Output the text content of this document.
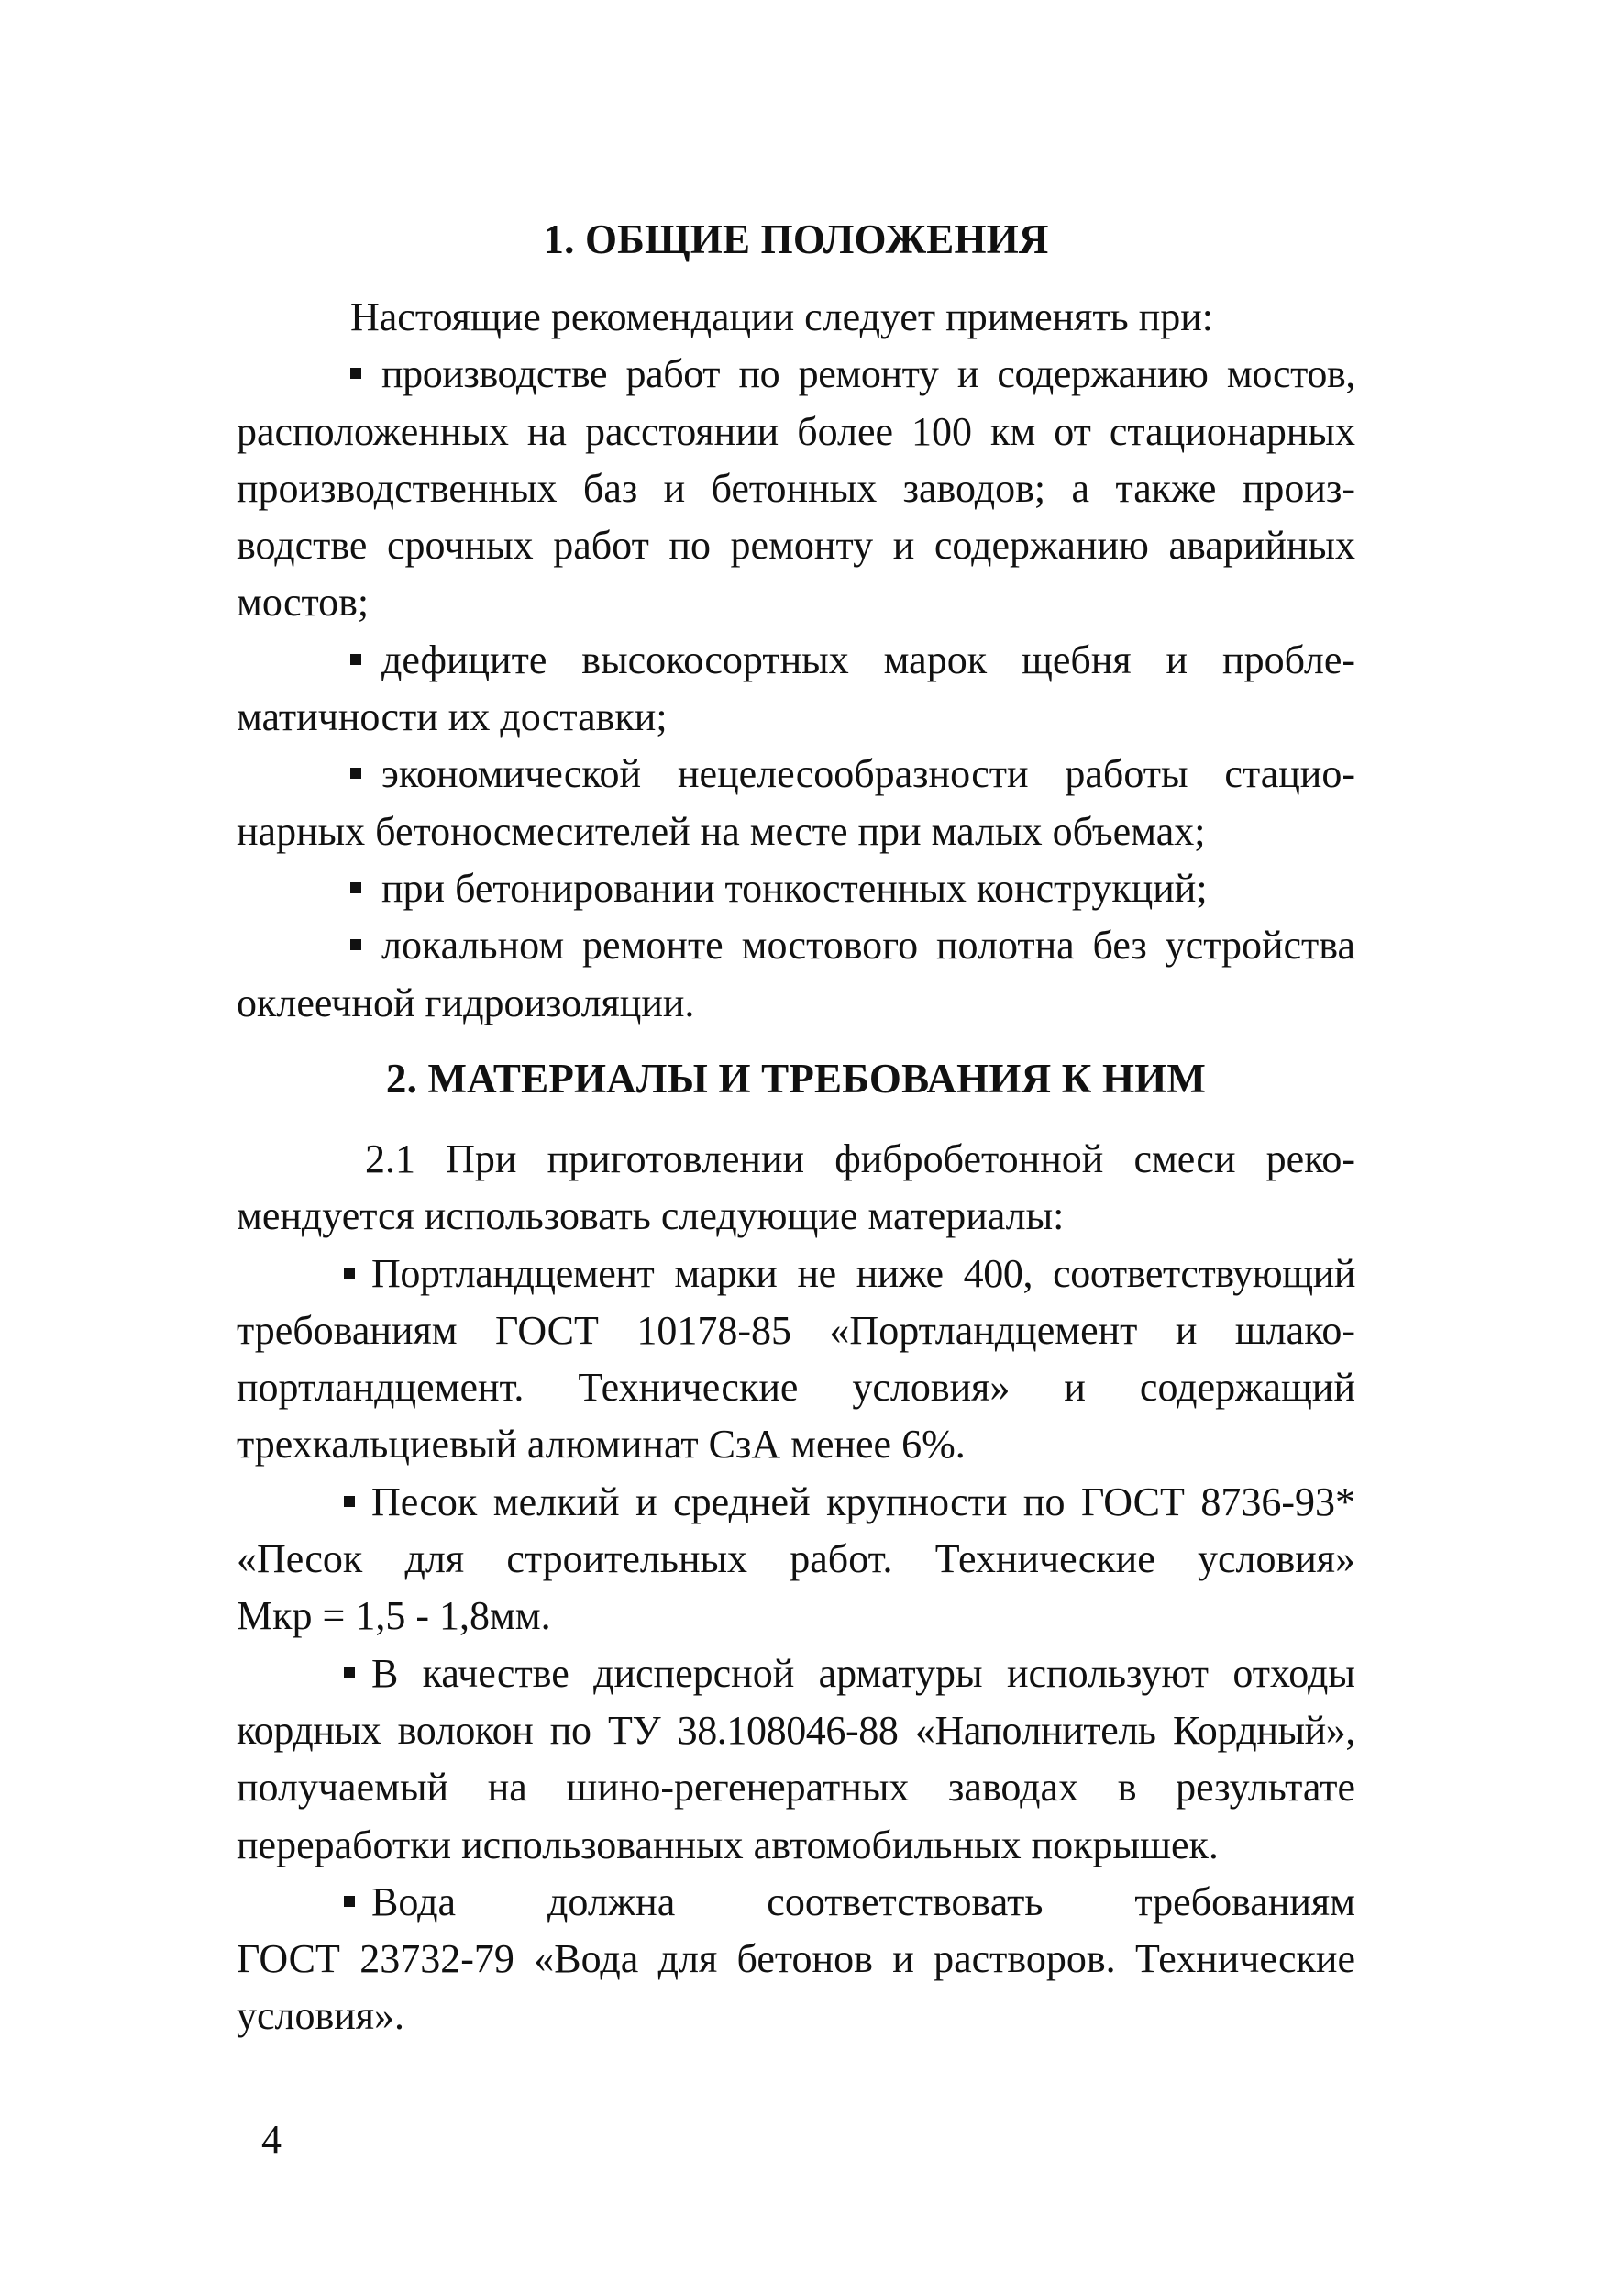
1. ОБЩИЕ ПОЛОЖЕНИЯ
Настоящие рекомендации следует применять при:
производстве работ по ремонту и содержанию мостов,
расположенных на расстоянии более 100 км от стационарных
производственных баз и бетонных заводов; а также произ-
водстве срочных работ по ремонту и содержанию аварийных
мостов;
дефиците высокосортных марок щебня и пробле-
матичности их доставки;
экономической нецелесообразности работы стацио-
нарных бетоносмесителей на месте при малых объемах;
при бетонировании тонкостенных конструкций;
локальном ремонте мостового полотна без устройства
оклеечной гидроизоляции.
2. МАТЕРИАЛЫ И ТРЕБОВАНИЯ К НИМ
2.1 При приготовлении фибробетонной смеси реко-
мендуется использовать следующие материалы:
Портландцемент марки не ниже 400, соответствующий
требованиям ГОСТ 10178-85 «Портландцемент и шлако-
портландцемент. Технические условия» и содержащий
трехкальциевый алюминат СзА менее 6%.
Песок мелкий и средней крупности по ГОСТ 8736-93*
«Песок для строительных работ. Технические условия»
Мкр = 1,5 - 1,8мм.
В качестве дисперсной арматуры используют отходы
кордных волокон по ТУ 38.108046-88 «Наполнитель Кордный»,
получаемый на шино-регенератных заводах в результате
переработки использованных автомобильных покрышек.
Вода должна соответствовать требованиям
ГОСТ 23732-79 «Вода для бетонов и растворов. Технические
условия».
4
